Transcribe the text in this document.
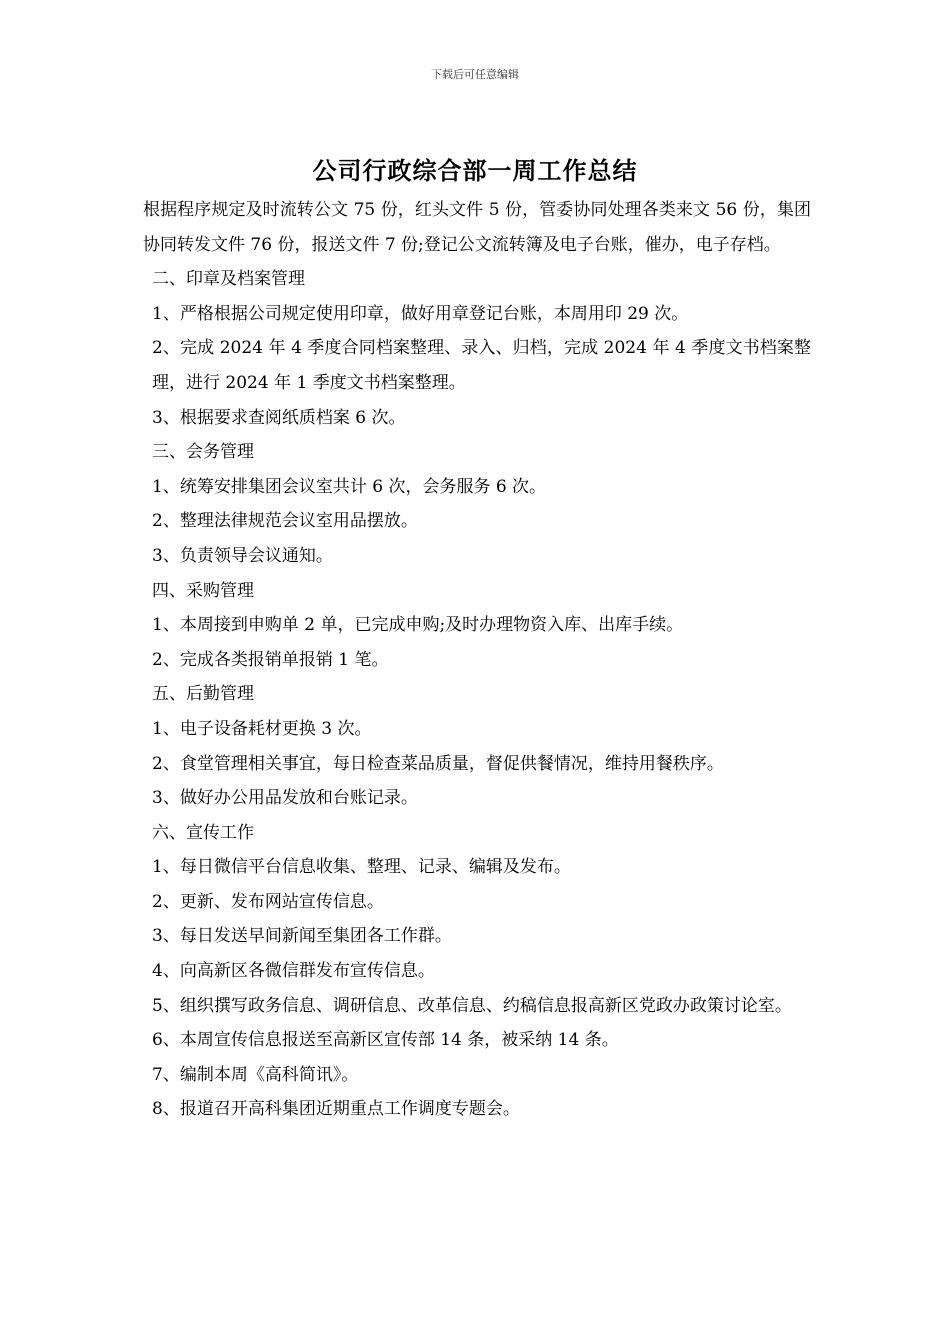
下载后可任意编辑
公司行政综合部一周工作总结

根据程序规定及时流转公文 75 份，红头文件 5 份，管委协同处理各类来文 56 份，集团协同转发文件 76 份，报送文件 7 份;登记公文流转簿及电子台账，催办，电子存档。

二、印章及档案管理

1、严格根据公司规定使用印章，做好用章登记台账，本周用印 29 次。

2、完成 2024 年 4 季度合同档案整理、录入、归档，完成 2024 年 4 季度文书档案整理，进行 2024 年 1 季度文书档案整理。

3、根据要求查阅纸质档案 6 次。

三、会务管理

1、统筹安排集团会议室共计 6 次，会务服务 6 次。

2、整理法律规范会议室用品摆放。

3、负责领导会议通知。

四、采购管理

1、本周接到申购单 2 单，已完成申购;及时办理物资入库、出库手续。

2、完成各类报销单报销 1 笔。

五、后勤管理

1、电子设备耗材更换 3 次。

2、食堂管理相关事宜，每日检查菜品质量，督促供餐情况，维持用餐秩序。

3、做好办公用品发放和台账记录。

六、宣传工作

1、每日微信平台信息收集、整理、记录、编辑及发布。

2、更新、发布网站宣传信息。

3、每日发送早间新闻至集团各工作群。

4、向高新区各微信群发布宣传信息。

5、组织撰写政务信息、调研信息、改革信息、约稿信息报高新区党政办政策讨论室。

6、本周宣传信息报送至高新区宣传部 14 条，被采纳 14 条。

7、编制本周《高科简讯》。

8、报道召开高科集团近期重点工作调度专题会。
